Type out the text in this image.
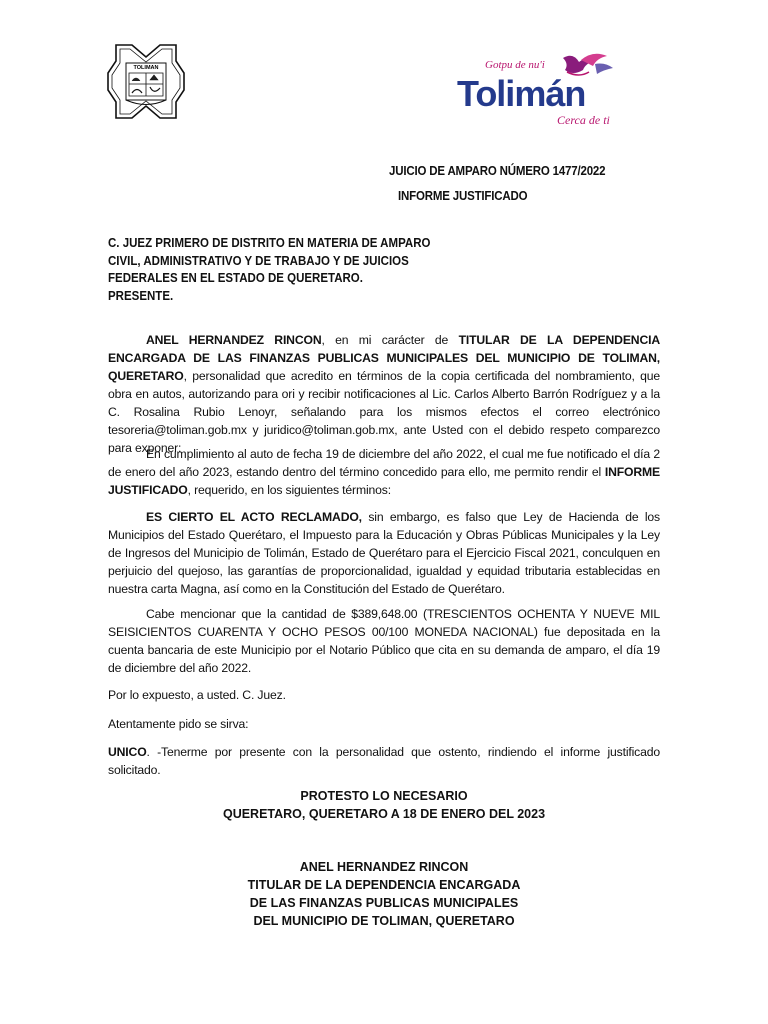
TOLIMAN	Gotpu de nu'i
Tolimán
Cerca de ti
JUICIO DE AMPARO NÚMERO 1477/2022
INFORME JUSTIFICADO
C. JUEZ PRIMERO DE DISTRITO EN MATERIA DE AMPARO
CIVIL, ADMINISTRATIVO Y DE TRABAJO Y DE JUICIOS
FEDERALES EN EL ESTADO DE QUERETARO.
PRESENTE.
ANEL HERNANDEZ RINCON, en mi carácter de TITULAR DE LA DEPENDENCIA ENCARGADA DE LAS FINANZAS PUBLICAS MUNICIPALES DEL MUNICIPIO DE TOLIMAN, QUERETARO, personalidad que acredito en términos de la copia certificada del nombramiento, que obra en autos, autorizando para ori y recibir notificaciones al Lic. Carlos Alberto Barrón Rodríguez y a la C. Rosalina Rubio Lenoyr, señalando para los mismos efectos el correo electrónico tesoreria@toliman.gob.mx y juridico@toliman.gob.mx, ante Usted con el debido respeto comparezco para exponer:
En cumplimiento al auto de fecha 19 de diciembre del año 2022, el cual me fue notificado el día 2 de enero del año 2023, estando dentro del término concedido para ello, me permito rendir el INFORME JUSTIFICADO, requerido, en los siguientes términos:
ES CIERTO EL ACTO RECLAMADO, sin embargo, es falso que Ley de Hacienda de los Municipios del Estado Querétaro, el Impuesto para la Educación y Obras Públicas Municipales y la Ley de Ingresos del Municipio de Tolimán, Estado de Querétaro para el Ejercicio Fiscal 2021, conculquen en perjuicio del quejoso, las garantías de proporcionalidad, igualdad y equidad tributaria establecidas en nuestra carta Magna, así como en la Constitución del Estado de Querétaro.
Cabe mencionar que la cantidad de $389,648.00 (TRESCIENTOS OCHENTA Y NUEVE MIL SEISICIENTOS CUARENTA Y OCHO PESOS 00/100 MONEDA NACIONAL) fue depositada en la cuenta bancaria de este Municipio por el Notario Público que cita en su demanda de amparo, el día 19 de diciembre del año 2022.
Por lo expuesto, a usted. C. Juez.
Atentamente pido se sirva:
UNICO. -Tenerme por presente con la personalidad que ostento, rindiendo el informe justificado solicitado.
PROTESTO LO NECESARIO
QUERETARO, QUERETARO A 18 DE ENERO DEL 2023
ANEL HERNANDEZ RINCON
TITULAR DE LA DEPENDENCIA ENCARGADA
DE LAS FINANZAS PUBLICAS MUNICIPALES
DEL MUNICIPIO DE TOLIMAN, QUERETARO
